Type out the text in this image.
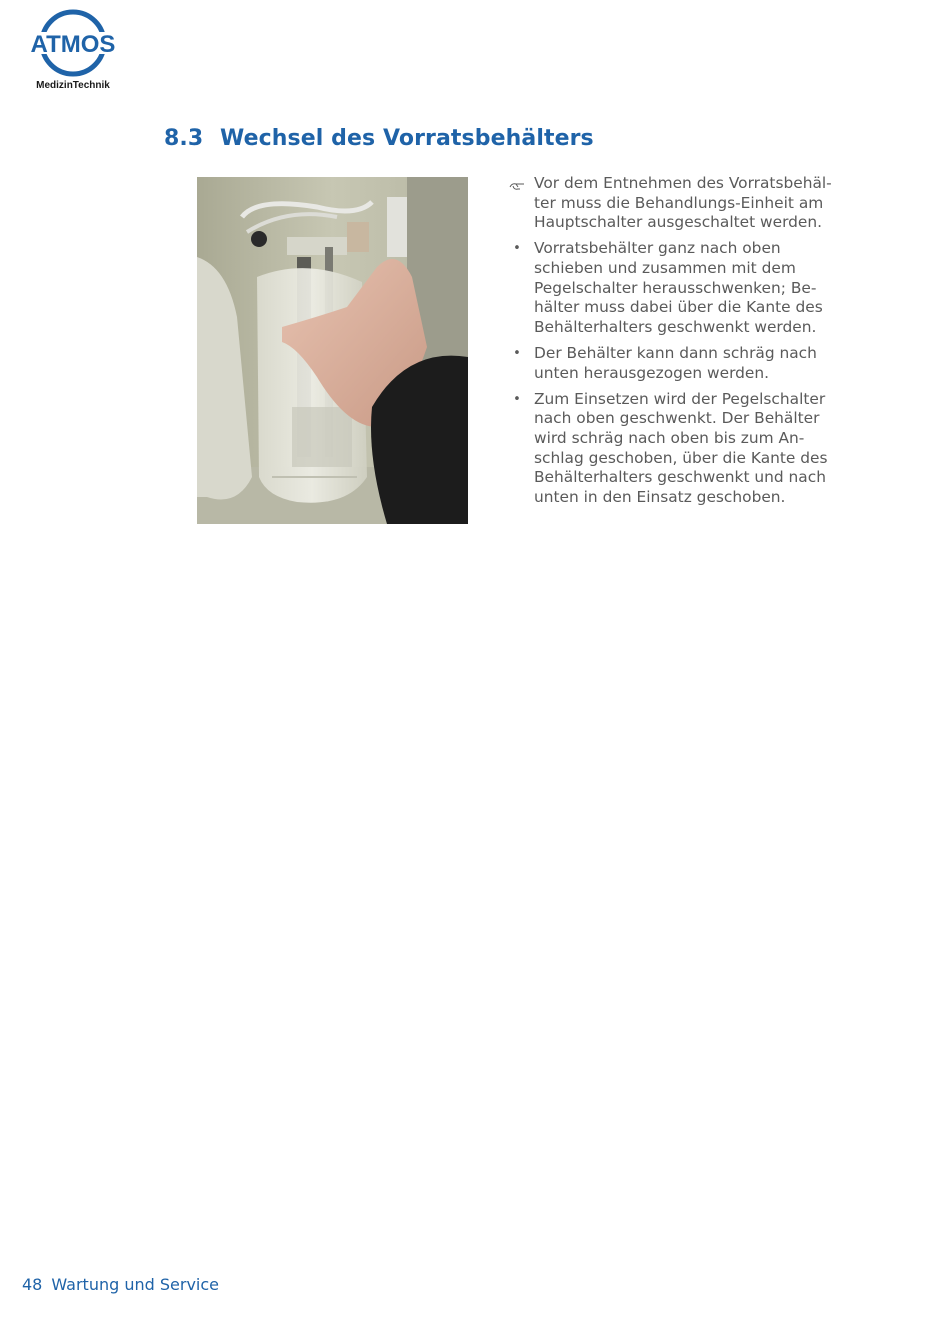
ATMOS
MedizinTechnik
8.3 Wechsel des Vorratsbehälters
Vor dem Entnehmen des Vorratsbehäl-
ter muss die Behandlungs-Einheit am
Hauptschalter ausgeschaltet werden.
• Vorratsbehälter ganz nach oben
schieben und zusammen mit dem
Pegelschalter herausschwenken; Be-
hälter muss dabei über die Kante des
Behälterhalters geschwenkt werden.
• Der Behälter kann dann schräg nach
unten herausgezogen werden.
• Zum Einsetzen wird der Pegelschalter
nach oben geschwenkt. Der Behälter
wird schräg nach oben bis zum An-
schlag geschoben, über die Kante des
Behälterhalters geschwenkt und nach
unten in den Einsatz geschoben.
48 Wartung und Service
